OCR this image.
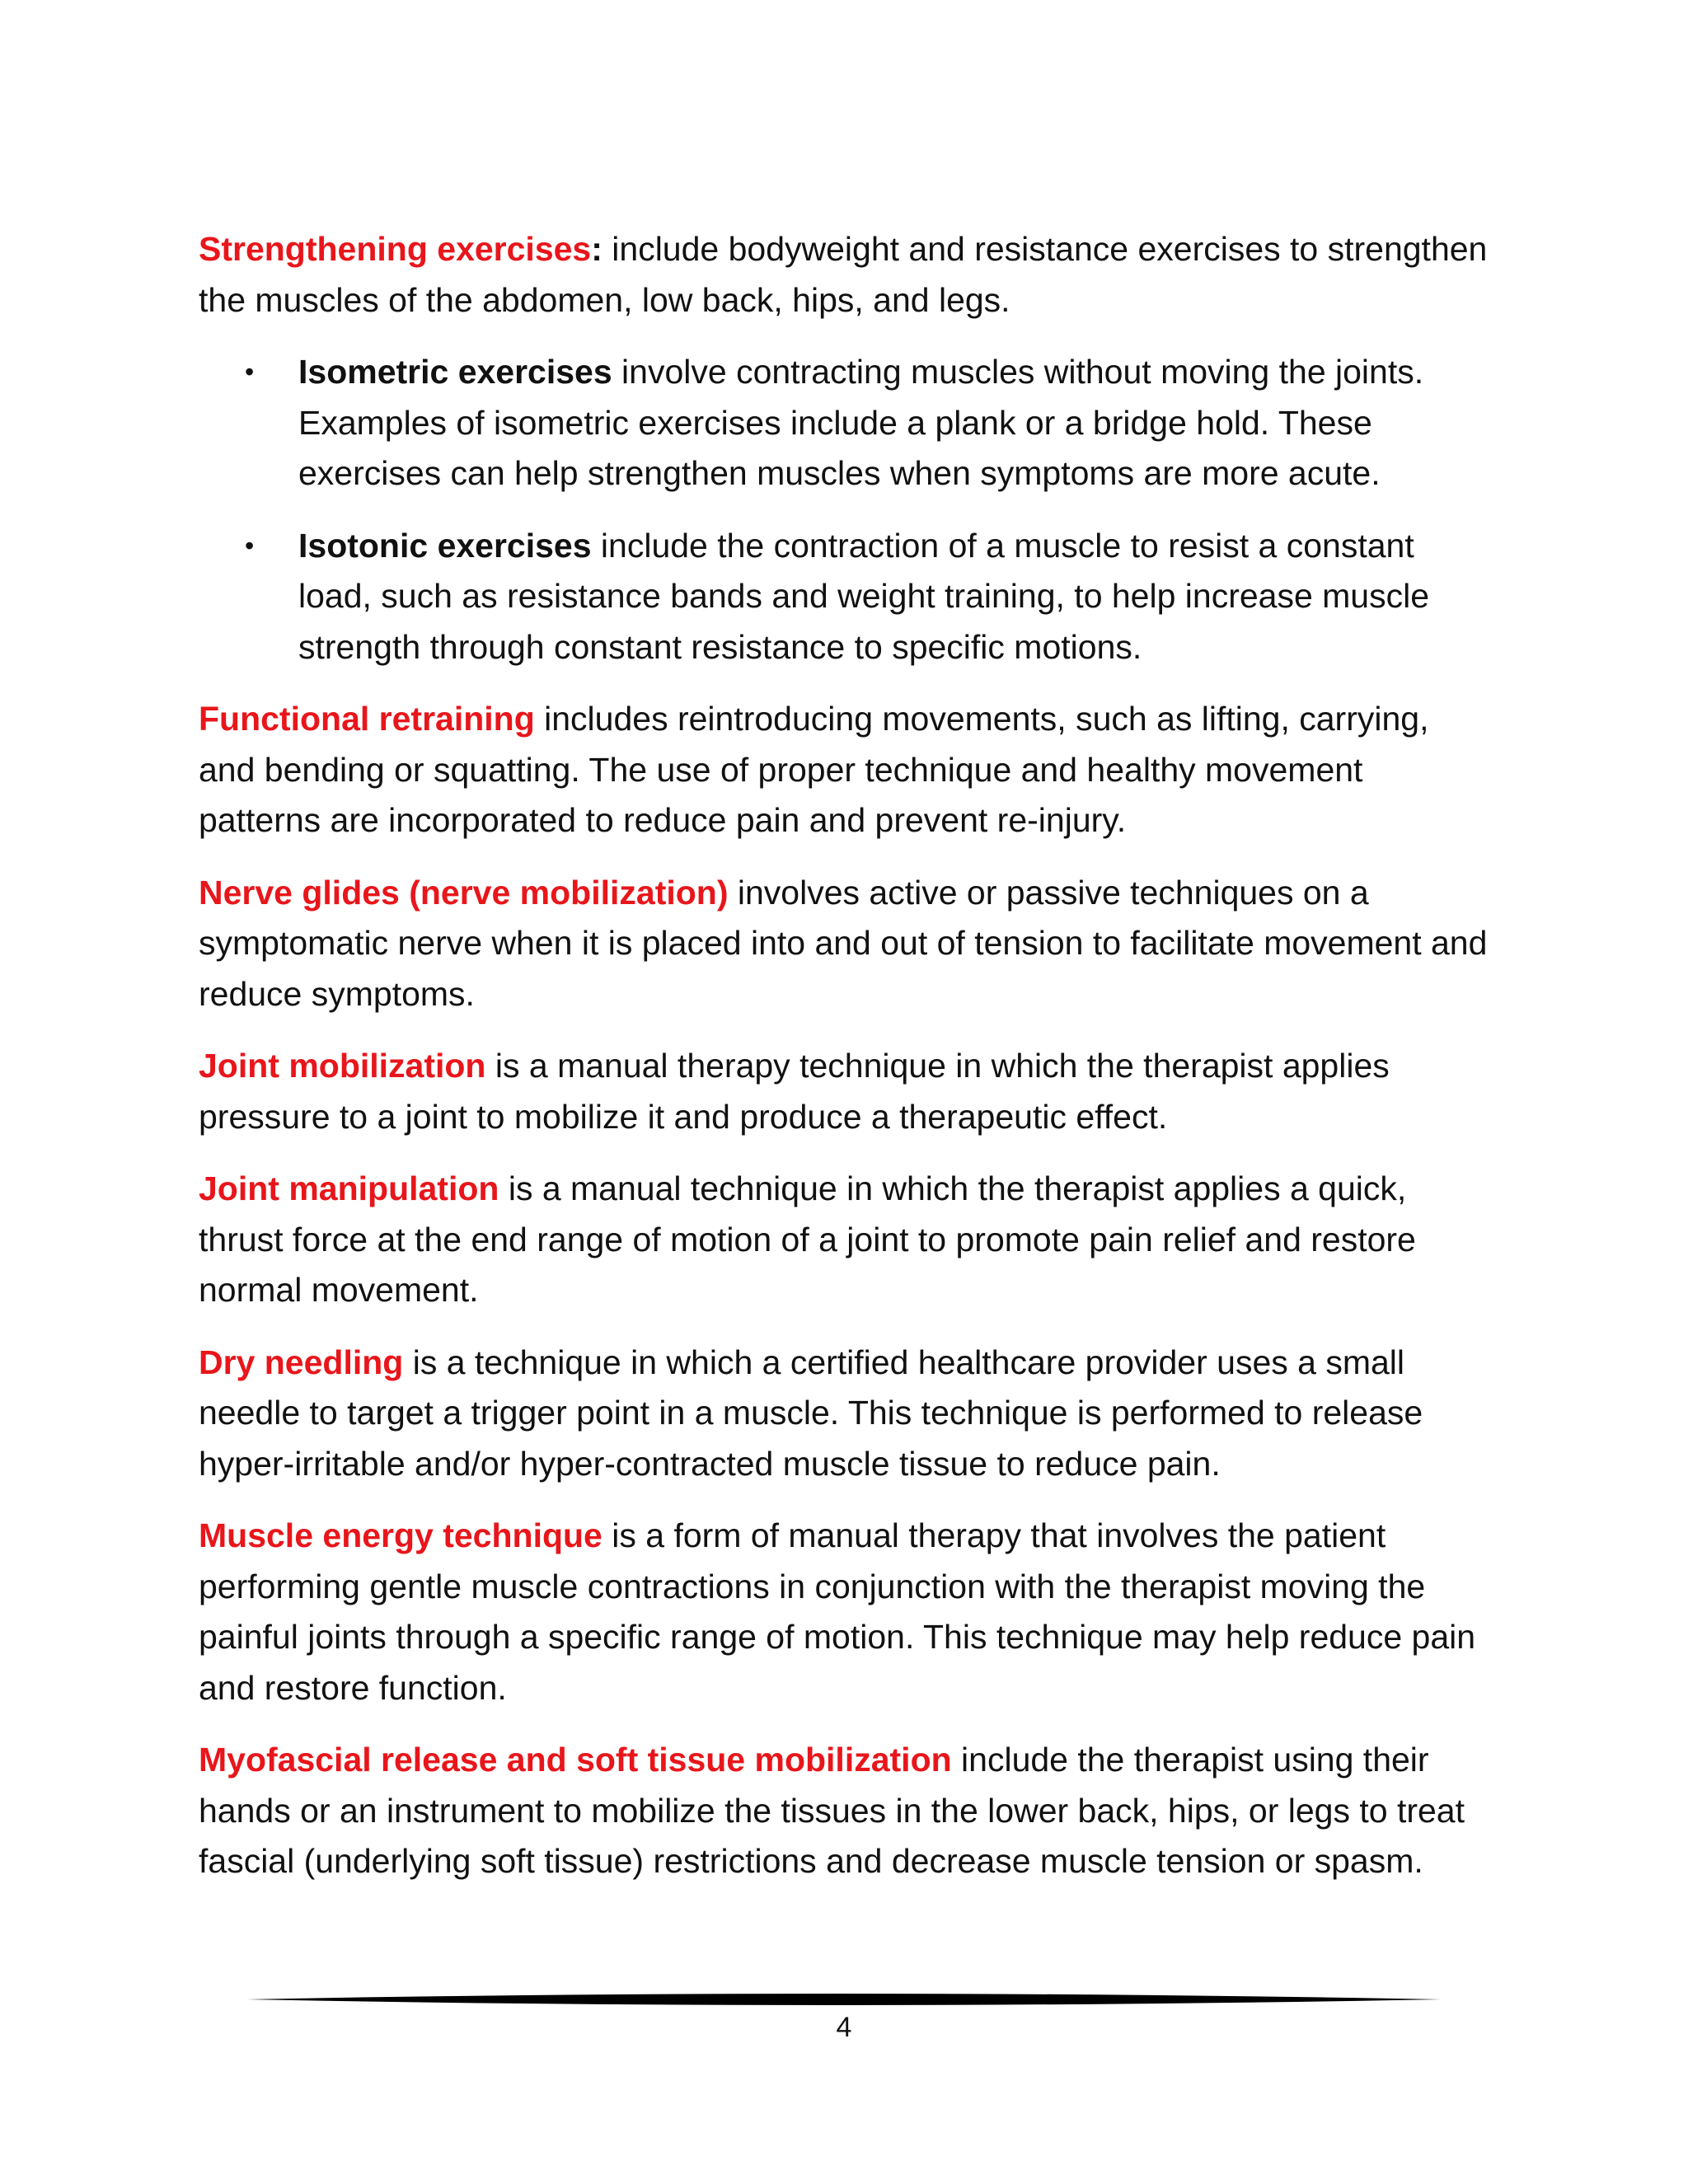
Strengthening exercises: include bodyweight and resistance exercises to strengthen the muscles of the abdomen, low back, hips, and legs.

• Isometric exercises involve contracting muscles without moving the joints. Examples of isometric exercises include a plank or a bridge hold. These exercises can help strengthen muscles when symptoms are more acute.
• Isotonic exercises include the contraction of a muscle to resist a constant load, such as resistance bands and weight training, to help increase muscle strength through constant resistance to specific motions.

Functional retraining includes reintroducing movements, such as lifting, carrying, and bending or squatting. The use of proper technique and healthy movement patterns are incorporated to reduce pain and prevent re-injury.

Nerve glides (nerve mobilization) involves active or passive techniques on a symptomatic nerve when it is placed into and out of tension to facilitate movement and reduce symptoms.

Joint mobilization is a manual therapy technique in which the therapist applies pressure to a joint to mobilize it and produce a therapeutic effect.

Joint manipulation is a manual technique in which the therapist applies a quick, thrust force at the end range of motion of a joint to promote pain relief and restore normal movement.

Dry needling is a technique in which a certified healthcare provider uses a small needle to target a trigger point in a muscle. This technique is performed to release hyper-irritable and/or hyper-contracted muscle tissue to reduce pain.

Muscle energy technique is a form of manual therapy that involves the patient performing gentle muscle contractions in conjunction with the therapist moving the painful joints through a specific range of motion. This technique may help reduce pain and restore function.

Myofascial release and soft tissue mobilization include the therapist using their hands or an instrument to mobilize the tissues in the lower back, hips, or legs to treat fascial (underlying soft tissue) restrictions and decrease muscle tension or spasm.

4
